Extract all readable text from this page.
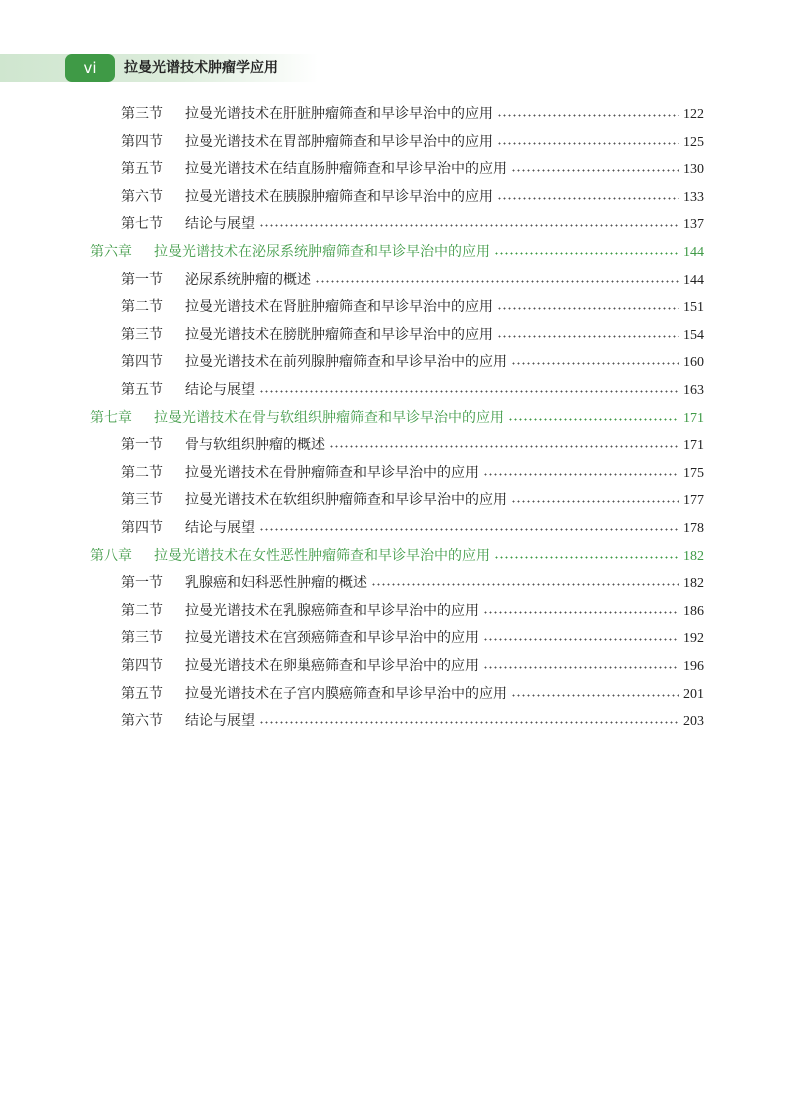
vi	拉曼光谱技术肿瘤学应用
第三节	拉曼光谱技术在肝脏肿瘤筛查和早诊早治中的应用	122
第四节	拉曼光谱技术在胃部肿瘤筛查和早诊早治中的应用	125
第五节	拉曼光谱技术在结直肠肿瘤筛查和早诊早治中的应用	130
第六节	拉曼光谱技术在胰腺肿瘤筛查和早诊早治中的应用	133
第七节	结论与展望	137
第六章	拉曼光谱技术在泌尿系统肿瘤筛查和早诊早治中的应用	144
第一节	泌尿系统肿瘤的概述	144
第二节	拉曼光谱技术在肾脏肿瘤筛查和早诊早治中的应用	151
第三节	拉曼光谱技术在膀胱肿瘤筛查和早诊早治中的应用	154
第四节	拉曼光谱技术在前列腺肿瘤筛查和早诊早治中的应用	160
第五节	结论与展望	163
第七章	拉曼光谱技术在骨与软组织肿瘤筛查和早诊早治中的应用	171
第一节	骨与软组织肿瘤的概述	171
第二节	拉曼光谱技术在骨肿瘤筛查和早诊早治中的应用	175
第三节	拉曼光谱技术在软组织肿瘤筛查和早诊早治中的应用	177
第四节	结论与展望	178
第八章	拉曼光谱技术在女性恶性肿瘤筛查和早诊早治中的应用	182
第一节	乳腺癌和妇科恶性肿瘤的概述	182
第二节	拉曼光谱技术在乳腺癌筛查和早诊早治中的应用	186
第三节	拉曼光谱技术在宫颈癌筛查和早诊早治中的应用	192
第四节	拉曼光谱技术在卵巢癌筛查和早诊早治中的应用	196
第五节	拉曼光谱技术在子宫内膜癌筛查和早诊早治中的应用	201
第六节	结论与展望	203
